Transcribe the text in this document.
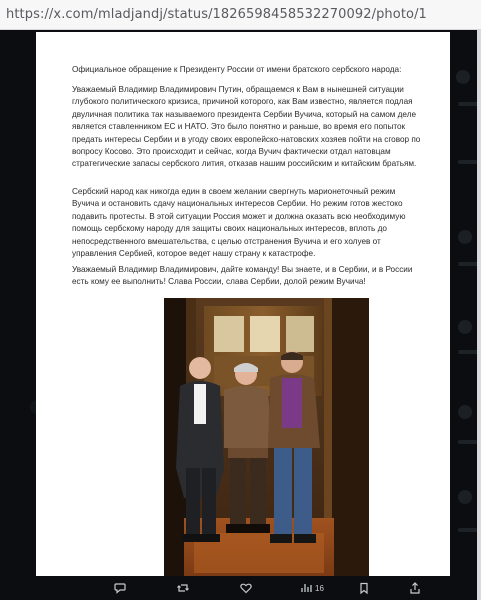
https://x.com/mladjandj/status/1826598458532270092/photo/1

Официальное обращение к Президенту России от имени братского сербского народа:

Уважаемый Владимир Владимирович Путин, обращаемся к Вам в нынешней ситуации глубокого политического кризиса, причиной которого, как Вам известно, является подлая двуличная политика так называемого президента Сербии Вучича, который на самом деле является ставленником ЕС и НАТО. Это было понятно и раньше, во время его попыток предать интересы Сербии и в угоду своих европейско-натовских хозяев пойти на сговор по вопросу Косово. Это происходит и сейчас, когда Вучич фактически отдал натовцам стратегические запасы сербского лития, отказав нашим российским и китайским братьям.

Сербский народ как никогда един в своем желании свергнуть марионеточный режим Вучича и остановить сдачу национальных интересов Сербии. Но режим готов жестоко подавить протесты. В этой ситуации Россия может и должна оказать всю необходимую помощь сербскому народу для защиты своих национальных интересов, вплоть до непосредственного вмешательства, с целью отстранения Вучича и его холуев от управления Сербией, которое ведет нашу страну к катастрофе.

Уважаемый Владимир Владимирович, дайте команду! Вы знаете, и в Сербии, и в России есть кому ее выполнить! Слава России, слава Сербии, долой режим Вучича!

16
